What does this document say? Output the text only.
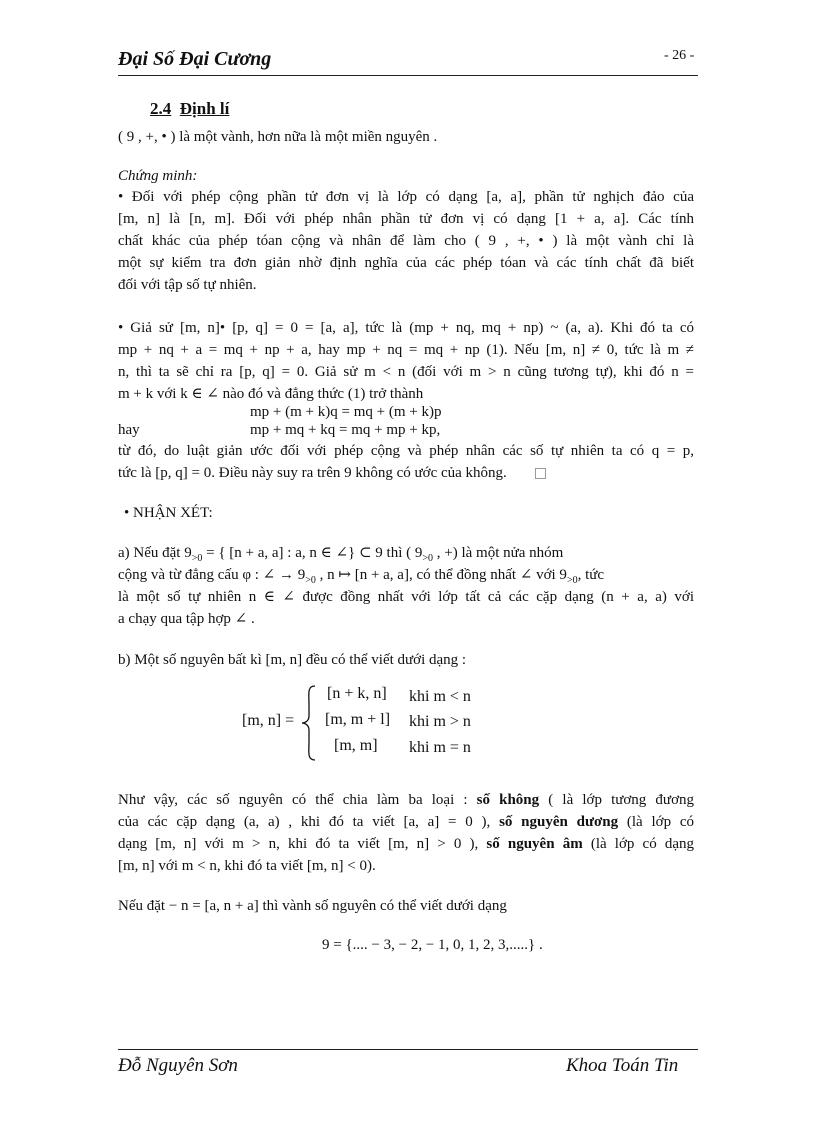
Đại Số Đại Cương	- 26 -
2.4 Định lí
( 9 , +, • ) là một vành, hơn nữa là một miền nguyên .
Chứng minh:
• Đối với phép cộng phần tử đơn vị là lớp có dạng [a, a], phần tử nghịch đảo của
[m, n] là [n, m]. Đối với phép nhân phần tử đơn vị có dạng [1 + a, a]. Các tính
chất khác của phép tóan cộng và nhân để làm cho ( 9 , +, • ) là một vành chỉ là
một sự kiểm tra đơn giản nhờ định nghĩa của các phép tóan và các tính chất đã biết
đối với tập số tự nhiên.
• Giả sử [m, n]• [p, q] = 0 = [a, a], tức là (mp + nq, mq + np) ~ (a, a). Khi đó ta có
mp + nq + a = mq + np + a, hay mp + nq = mq + np (1). Nếu [m, n] ≠ 0, tức là m ≠
n, thì ta sẽ chỉ ra [p, q] = 0. Giả sử m < n (đối với m > n cũng tương tự), khi đó n =
m + k với k ∈ ∠ nào đó và đẳng thức (1) trở thành
mp + (m + k)q = mq + (m + k)p
hay	mp + mq + kq = mq + mp + kp,
từ đó, do luật giản ước đối với phép cộng và phép nhân các số tự nhiên ta có q = p,
tức là [p, q] = 0. Điều này suy ra trên 9 không có ước của không.
• NHẬN XÉT:
a) Nếu đặt $9_{>0}$ = { [n + a, a] : a, n ∈ ∠} ⊂ 9 thì ( $9_{>0}$ , +) là một nửa nhóm
cộng và từ đẳng cấu φ : ∠ → $9_{>0}$ , n ↦ [n + a, a], có thể đồng nhất ∠ với $9_{>0}$, tức
là một số tự nhiên n ∈ ∠ được đồng nhất với lớp tất cả các cặp dạng (n + a, a) với
a chạy qua tập hợp ∠ .
b) Một số nguyên bất kì [m, n] đều có thể viết dưới dạng :
[m, n] =
[n + k, n] khi m < n
[m, m + l] khi m > n
[m, m] khi m = n
Như vậy, các số nguyên có thể chia làm ba loại : số không ( là lớp tương đương
của các cặp dạng (a, a) , khi đó ta viết [a, a] = 0 ), số nguyên dương (là lớp có
dạng [m, n] với m > n, khi đó ta viết [m, n] > 0 ), số nguyên âm (là lớp có dạng
[m, n] với m < n, khi đó ta viết [m, n] < 0).
Nếu đặt − n = [a, n + a] thì vành số nguyên có thể viết dưới dạng
9 = {.... − 3, − 2, − 1, 0, 1, 2, 3,.....} .
Đỗ Nguyên Sơn	Khoa Toán Tin
